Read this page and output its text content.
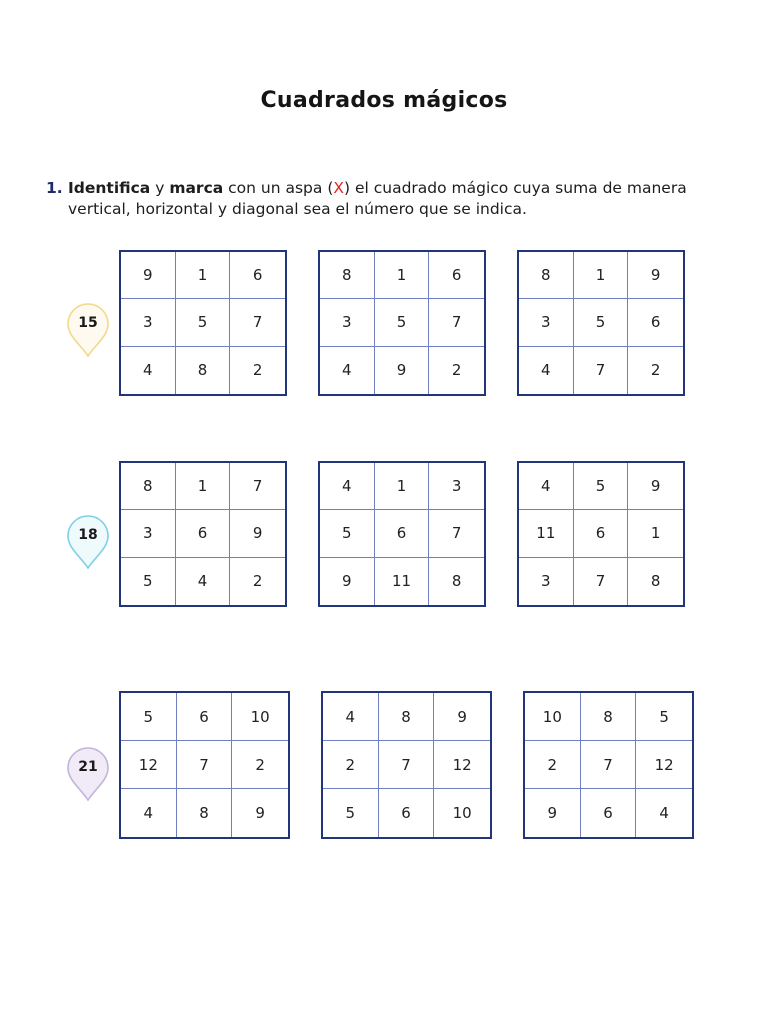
Cuadrados mágicos
1. Identifica y marca con un aspa (X) el cuadrado mágico cuya suma de manera vertical, horizontal y diagonal sea el número que se indica.
15
9	1	6
3	5	7
4	8	2
8	1	6
3	5	7
4	9	2
8	1	9
3	5	6
4	7	2
18
8	1	7
3	6	9
5	4	2
4	1	3
5	6	7
9	11	8
4	5	9
11	6	1
3	7	8
21
5	6	10
12	7	2
4	8	9
4	8	9
2	7	12
5	6	10
10	8	5
2	7	12
9	6	4
